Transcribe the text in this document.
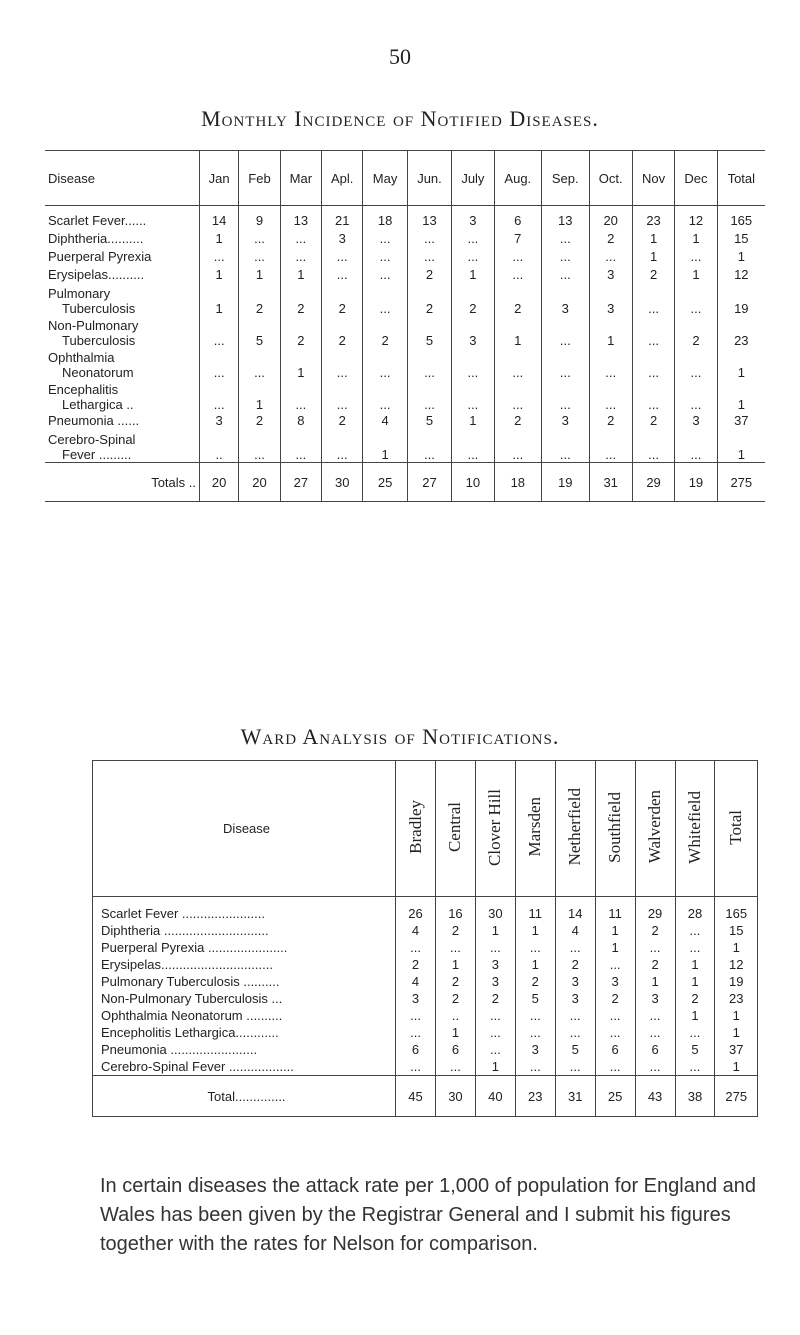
50
Monthly Incidence of Notified Diseases.
Disease	Jan	Feb	Mar	Apl.	May	Jun.	July	Aug.	Sep.	Oct.	Nov	Dec	Total

Scarlet Fever......	14	9	13	21	18	13	3	6	13	20	23	12	165

Diphtheria..........	1	...	...	3	...	...	...	7	...	2	1	1	15

Puerperal Pyrexia	...	...	...	...	...	...	...	...	...	...	1	...	1

Erysipelas..........	1	1	1	...	...	2	1	...	...	3	2	1	12

Pulmonary
Tuberculosis	1	2	2	2	...	2	2	2	3	3	...	...	19

Non-Pulmonary
Tuberculosis	...	5	2	2	2	5	3	1	...	1	...	2	23

Ophthalmia
Neonatorum	...	...	1	...	...	...	...	...	...	...	...	...	1

Encephalitis
Lethargica ..	...	1	...	...	...	...	...	...	...	...	...	...	1

Pneumonia ......	3	2	8	2	4	5	1	2	3	2	2	3	37

Cerebro-Spinal
Fever .........	..	...	...	...	1	...	...	...	...	...	...	...	1
Totals ..	20	20	27	30	25	27	10	18	19	31	29	19	275
Ward Analysis of Notifications.
Disease	Bradley	Central	Clover Hill	Marsden	Netherfield	Southfield	Walverden	Whitefield	Total
Scarlet Fever .......................	26	16	30	11	14	11	29	28	165
Diphtheria .............................	4	2	1	1	4	1	2	...	15
Puerperal Pyrexia ......................	...	...	...	...	...	1	...	...	1
Erysipelas...............................	2	1	3	1	2	...	2	1	12
Pulmonary Tuberculosis ..........	4	2	3	2	3	3	1	1	19
Non-Pulmonary Tuberculosis ...	3	2	2	5	3	2	3	2	23
Ophthalmia Neonatorum ..........	...	..	...	...	...	...	...	1	1
Encepholitis Lethargica............	...	1	...	...	...	...	...	...	1
Pneumonia ........................	6	6	...	3	5	6	6	5	37
Cerebro-Spinal Fever ..................	...	...	1	...	...	...	...	...	1
Total..............	45	30	40	23	31	25	43	38	275
In certain diseases the attack rate per 1,000 of population for England and Wales has been given by the Registrar General and I submit his figures together with the rates for Nelson for comparison.
